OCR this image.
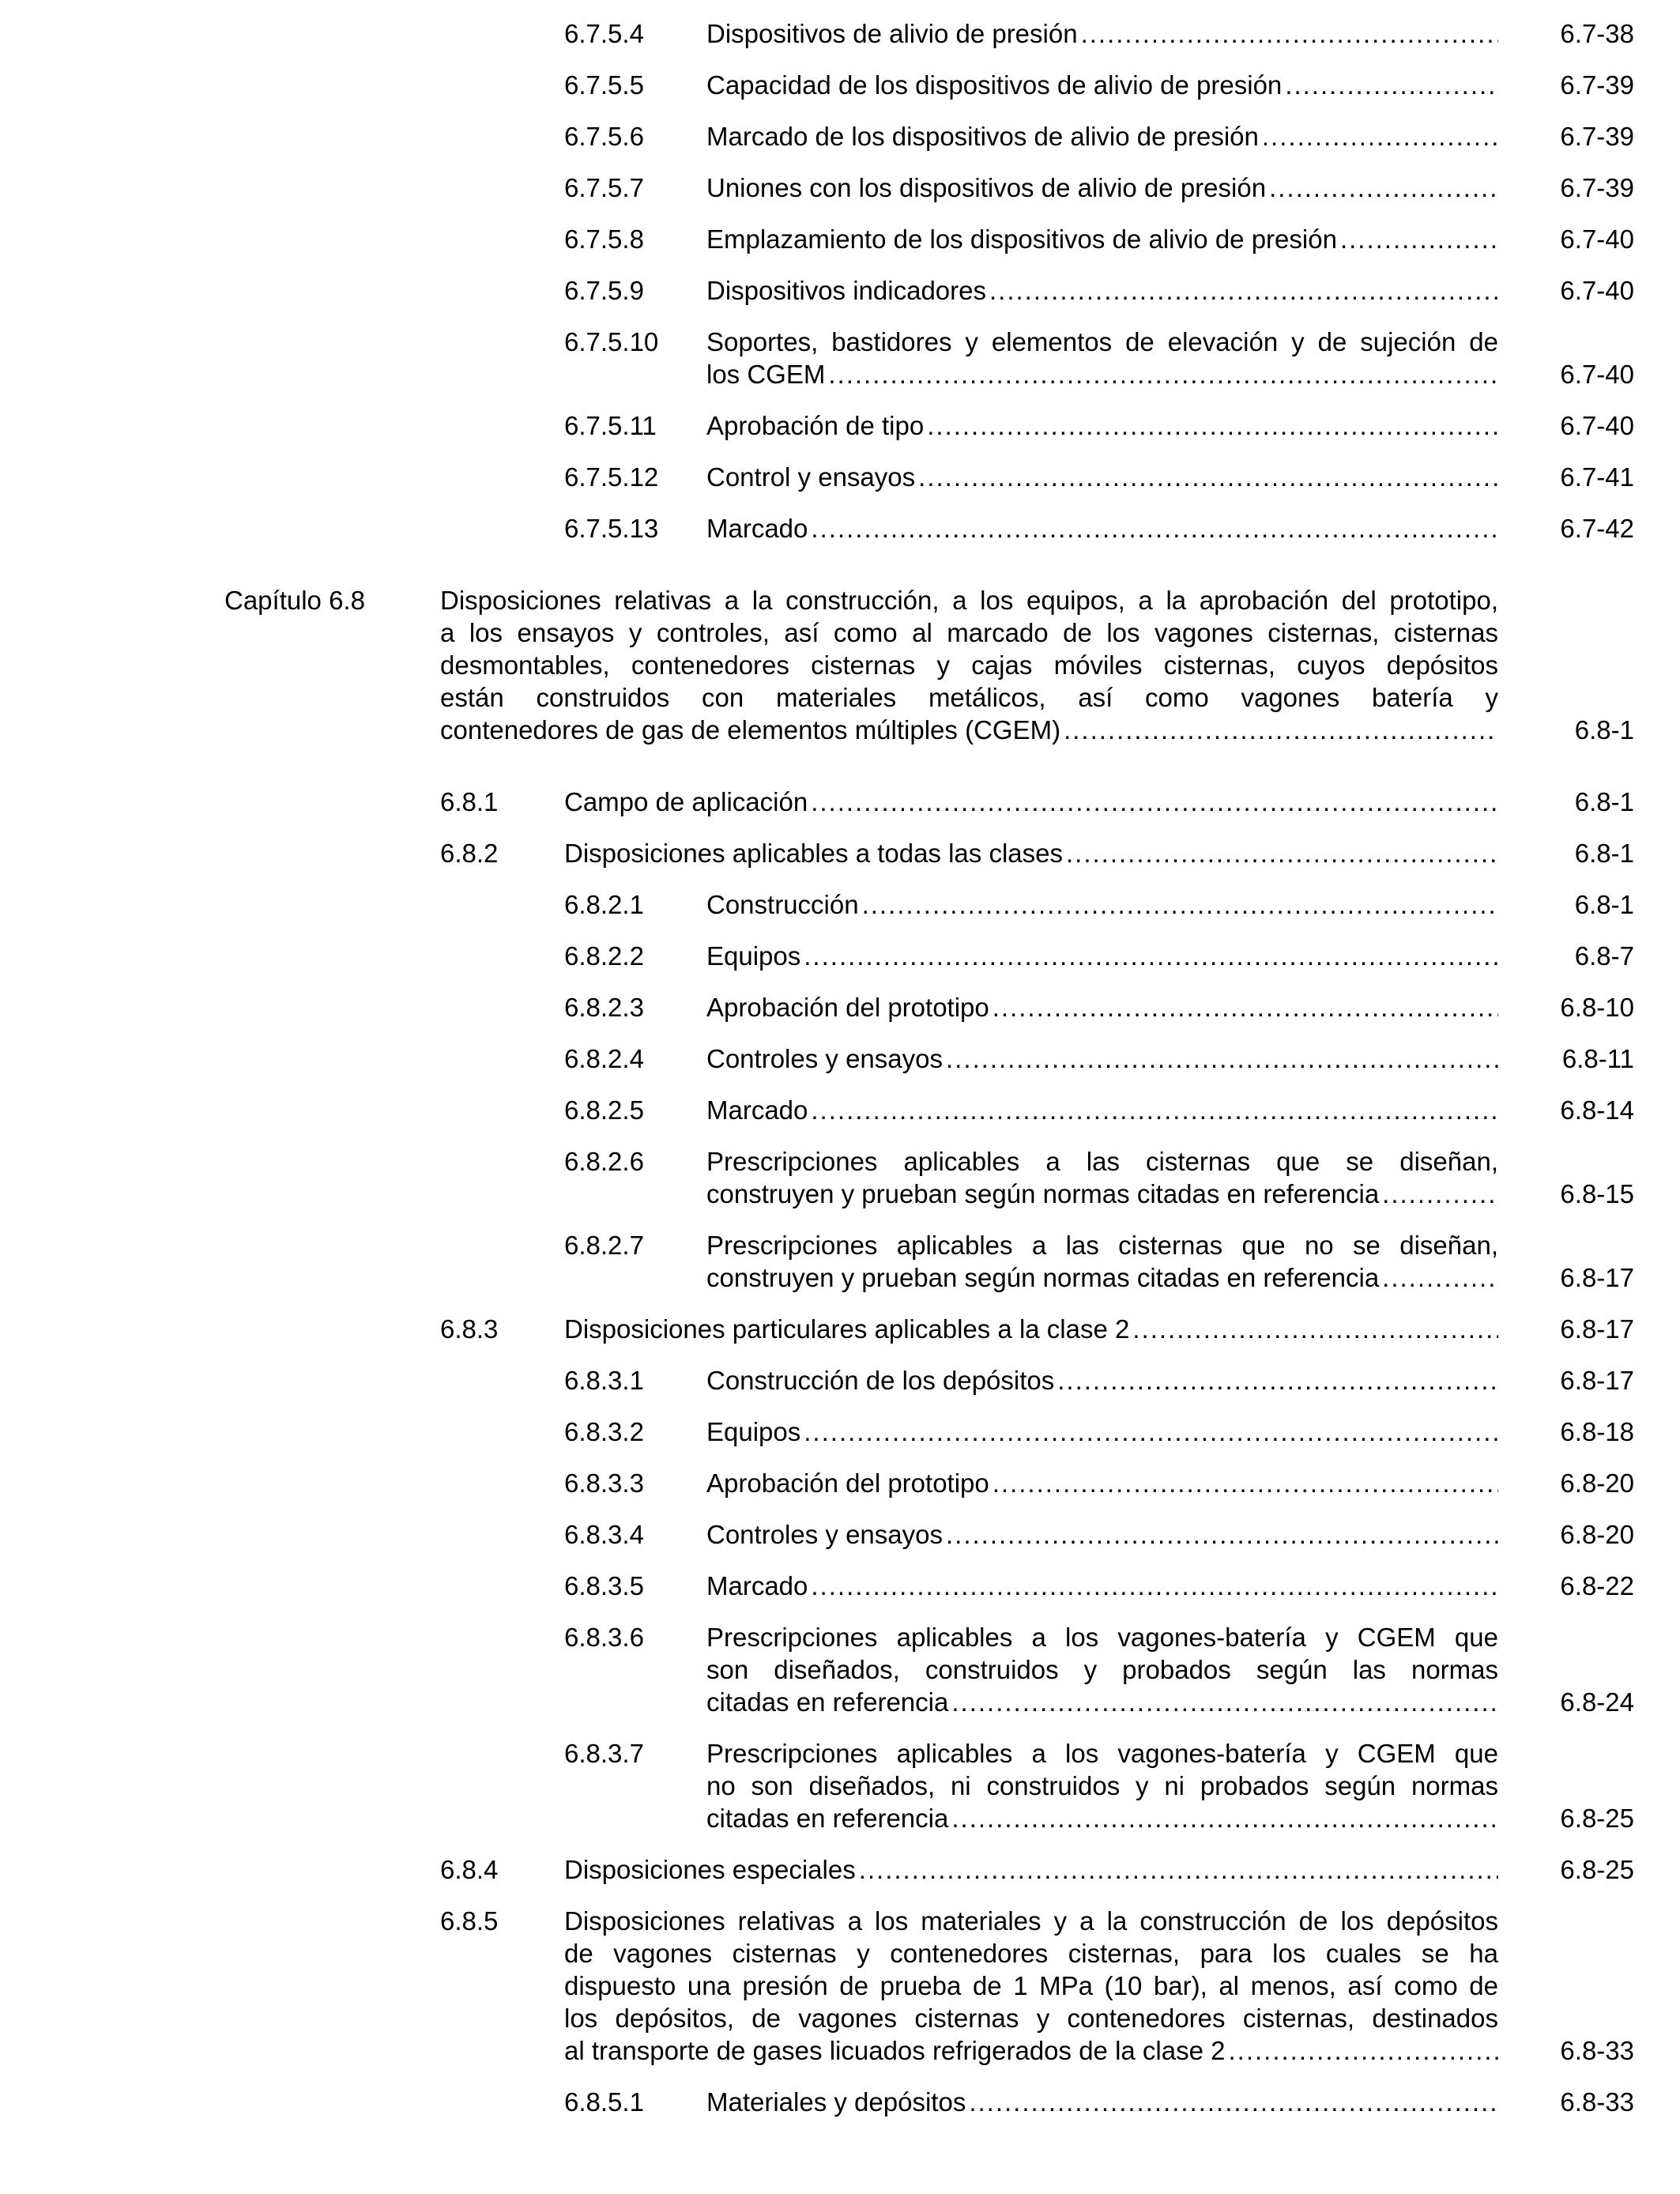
6.7.5.4 Dispositivos de alivio de presión .....	6.7-38
6.7.5.5 Capacidad de los dispositivos de alivio de presión .....	6.7-39
6.7.5.6 Marcado de los dispositivos de alivio de presión .....	6.7-39
6.7.5.7 Uniones con los dispositivos de alivio de presión .....	6.7-39
6.7.5.8 Emplazamiento de los dispositivos de alivio de presión .....	6.7-40
6.7.5.9 Dispositivos indicadores .....	6.7-40
6.7.5.10 Soportes, bastidores y elementos de elevación y de sujeción de
los CGEM .....	6.7-40
6.7.5.11 Aprobación de tipo .....	6.7-40
6.7.5.12 Control y ensayos .....	6.7-41
6.7.5.13 Marcado .....	6.7-42
Capítulo 6.8	Disposiciones relativas a la construcción, a los equipos, a la aprobación del prototipo,
a los ensayos y controles, así como al marcado de los vagones cisternas, cisternas
desmontables, contenedores cisternas y cajas móviles cisternas, cuyos depósitos
están construidos con materiales metálicos, así como vagones batería y
contenedores de gas de elementos múltiples (CGEM) .....	6.8-1
6.8.1	Campo de aplicación .....	6.8-1
6.8.2	Disposiciones aplicables a todas las clases .....	6.8-1
6.8.2.1 Construcción .....	6.8-1
6.8.2.2 Equipos .....	6.8-7
6.8.2.3 Aprobación del prototipo .....	6.8-10
6.8.2.4 Controles y ensayos .....	6.8-11
6.8.2.5 Marcado .....	6.8-14
6.8.2.6 Prescripciones aplicables a las cisternas que se diseñan,
construyen y prueban según normas citadas en referencia .....	6.8-15
6.8.2.7 Prescripciones aplicables a las cisternas que no se diseñan,
construyen y prueban según normas citadas en referencia .....	6.8-17
6.8.3	Disposiciones particulares aplicables a la clase 2 .....	6.8-17
6.8.3.1 Construcción de los depósitos .....	6.8-17
6.8.3.2 Equipos .....	6.8-18
6.8.3.3 Aprobación del prototipo .....	6.8-20
6.8.3.4 Controles y ensayos .....	6.8-20
6.8.3.5 Marcado .....	6.8-22
6.8.3.6 Prescripciones aplicables a los vagones-batería y CGEM que
son diseñados, construidos y probados según las normas
citadas en referencia .....	6.8-24
6.8.3.7 Prescripciones aplicables a los vagones-batería y CGEM que
no son diseñados, ni construidos y ni probados según normas
citadas en referencia .....	6.8-25
6.8.4	Disposiciones especiales .....	6.8-25
6.8.5	Disposiciones relativas a los materiales y a la construcción de los depósitos
de vagones cisternas y contenedores cisternas, para los cuales se ha
dispuesto una presión de prueba de 1 MPa (10 bar), al menos, así como de
los depósitos, de vagones cisternas y contenedores cisternas, destinados
al transporte de gases licuados refrigerados de la clase 2 .....	6.8-33
6.8.5.1 Materiales y depósitos .....	6.8-33
